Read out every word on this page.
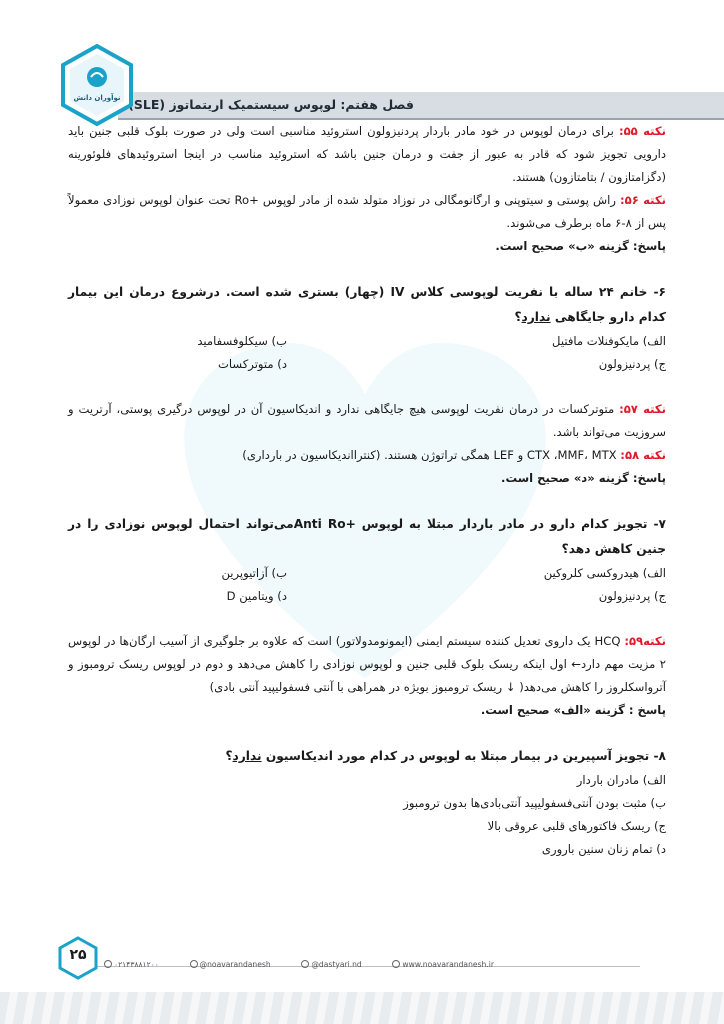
فصل هفتم: لوپوس سیستمیک اریتماتوز (SLE
نوآوران دانش

نکته ۵۵: برای درمان لوپوس در خود مادر باردار پردنیزولون استروئید مناسبی است ولی در صورت بلوک قلبی جنین باید دارویی تجویز شود که قادر به عبور از جفت و درمان جنین باشد که استروئید مناسب در اینجا استروئیدهای فلوئورینه (دگزامتازون / بتامتازون) هستند.

نکته ۵۶: راش پوستی و سیتوپنی و ارگانومگالی در نوزاد متولد شده از مادر لوپوس +Ro تحت عنوان لوپوس نوزادی معمولاً پس از ۸-۶ ماه برطرف می‌شوند.

پاسخ: گزینه «ب» صحیح است.

۶- خانم ۲۴ ساله با نفریت لوپوسی کلاس IV (چهار) بستری شده است. درشروع درمان این بیمار کدام دارو جایگاهی ندارد؟

الف) مایکوفنلات مافتیل
ب) سیکلوفسفامید
ج) پردنیزولون
د) متوترکسات

نکته ۵۷: متوترکسات در درمان نفریت لوپوسی هیچ جایگاهی ندارد و اندیکاسیون آن در لوپوس درگیری پوستی، آرتریت و سروزیت می‌تواند باشد.

نکته ۵۸: CTX ،MMF، MTX و LEF همگی تراتوژن هستند. (کنترااندیکاسیون در بارداری)

پاسخ: گزینه «د» صحیح است.

۷- تجویز کدام دارو در مادر باردار مبتلا به لوپوس +Anti Roمی‌تواند احتمال لوپوس نوزادی را در جنین کاهش دهد؟

الف) هیدروکسی کلروکین
ب) آزاتیوپرین
ج) پردنیزولون
د) ویتامین D

نکته۵۹: HCQ یک داروی تعدیل کننده سیستم ایمنی (ایمونومدولاتور) است که علاوه بر جلوگیری از آسیب ارگان‌ها در لوپوس ۲ مزیت مهم دارد← اول اینکه ریسک بلوک قلبی جنین و لوپوس نوزادی را کاهش می‌دهد و دوم در لوپوس ریسک ترومبوز و آترواسکلروز را کاهش می‌دهد( ↓ ریسک ترومبوز بویژه در همراهی با آنتی فسفولیپید آنتی بادی)

پاسخ : گزینه «الف» صحیح است.

۸- تجویز آسپیرین در بیمار مبتلا به لوپوس در کدام مورد اندیکاسیون ندارد؟

الف) مادران باردار

ب) مثبت بودن آنتی‌فسفولیپید آنتی‌بادی‌ها بدون ترومبوز

ج) ریسک فاکتورهای قلبی عروقی بالا

د) تمام زنان سنین باروری

۰۲۱۴۳۸۸۱۲۰۰	@noavarandanesh	@dastyari.nd	www.noavarandanesh.ir
۲۵
